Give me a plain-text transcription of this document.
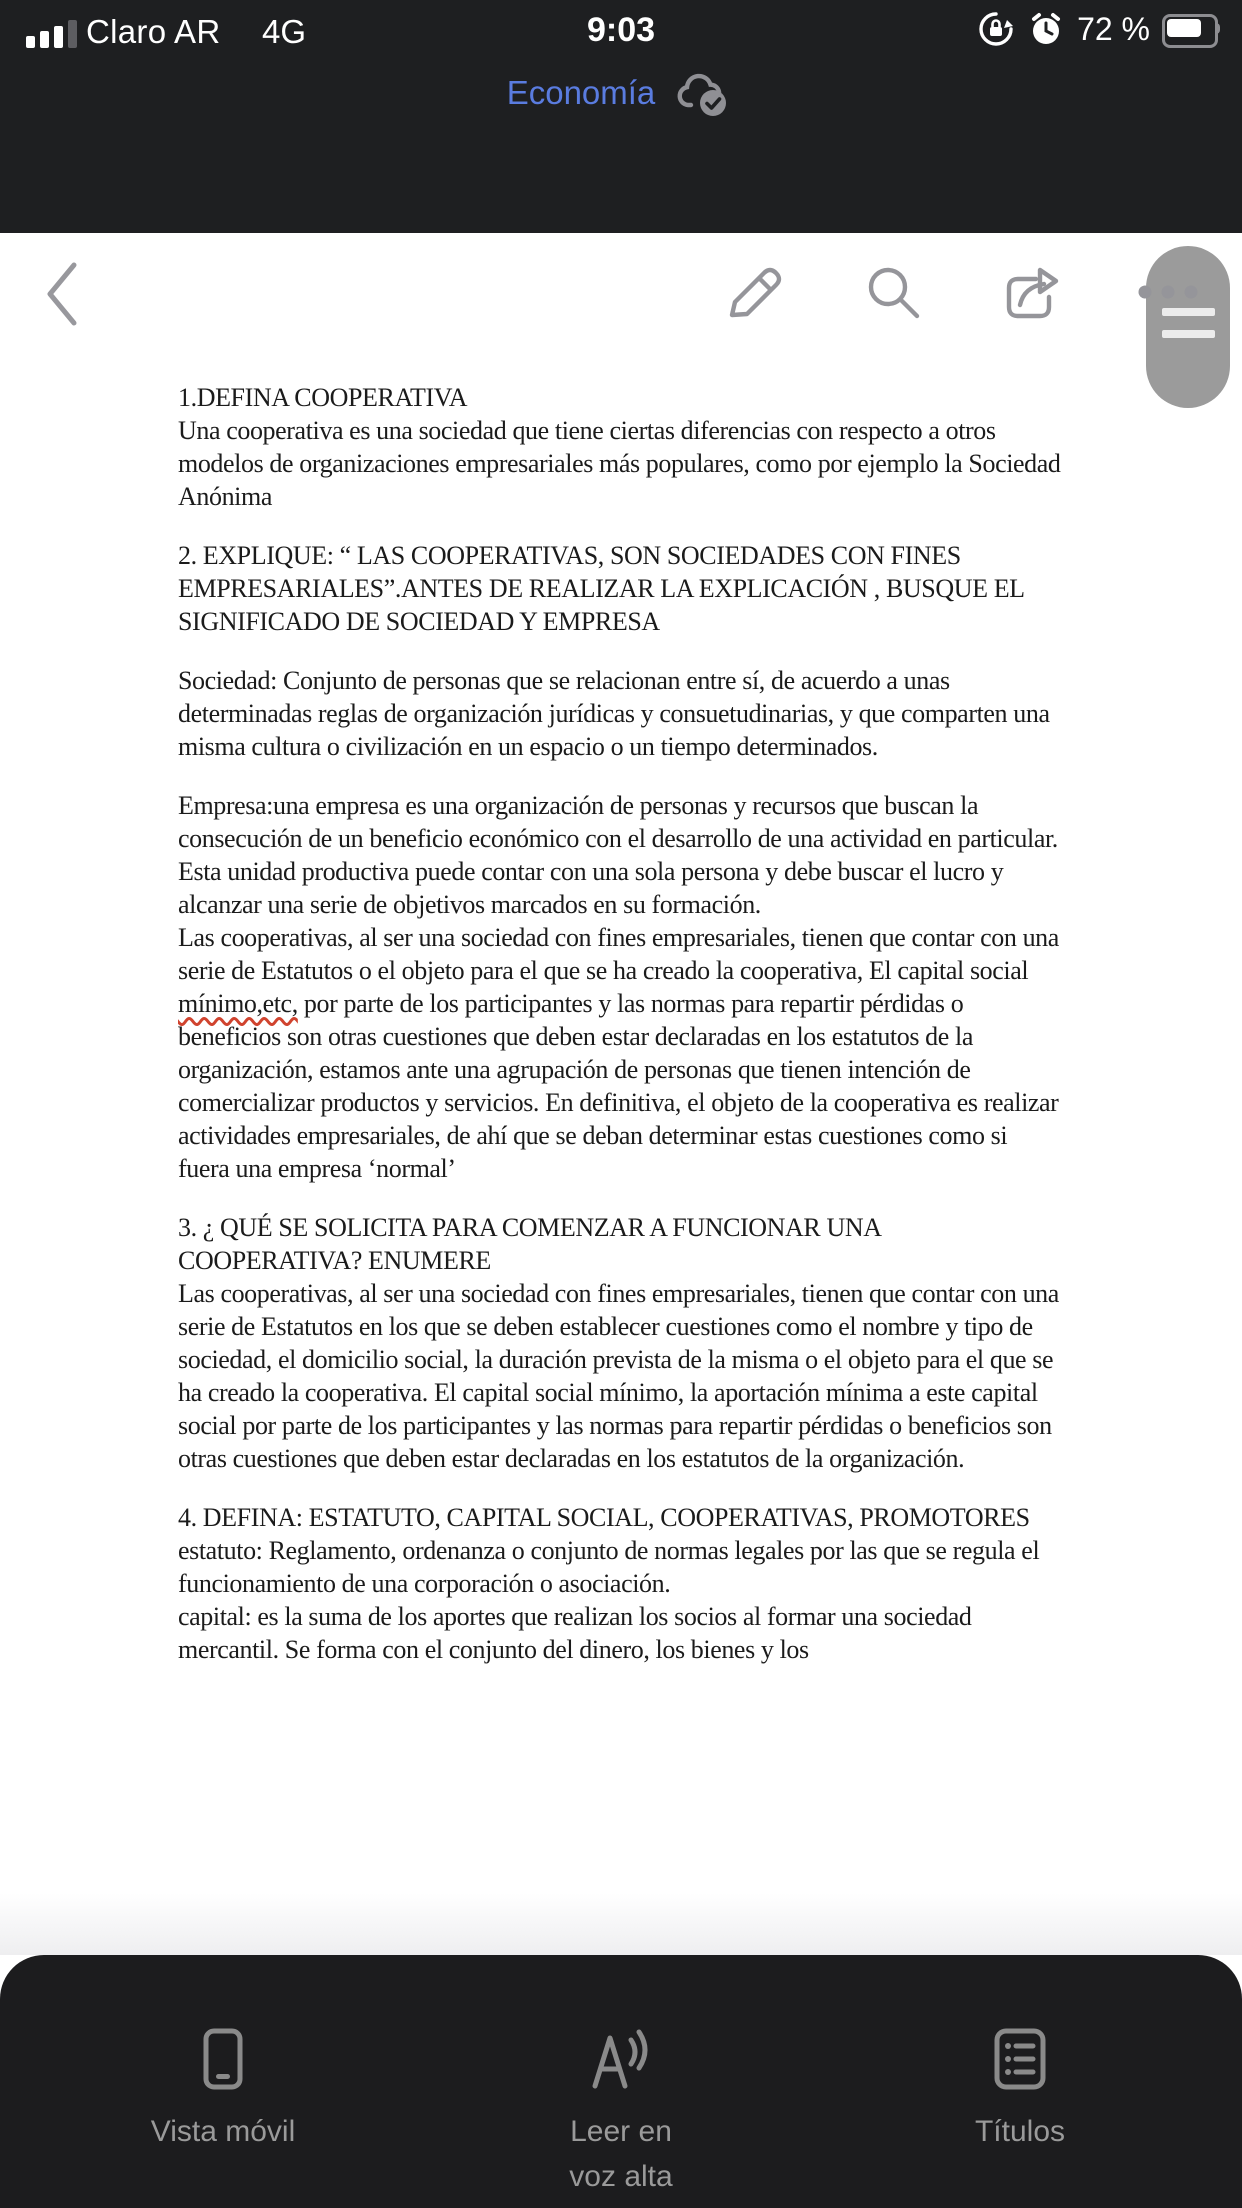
Claro AR 4G	9:03	72 %
Economía

1.DEFINA COOPERATIVA

Una cooperativa es una sociedad que tiene ciertas diferencias con respecto a otros modelos de organizaciones empresariales más populares, como por ejemplo la Sociedad Anónima

2. EXPLIQUE: “ LAS COOPERATIVAS, SON SOCIEDADES CON FINES EMPRESARIALES”.ANTES DE REALIZAR LA EXPLICACIÓN , BUSQUE EL SIGNIFICADO DE SOCIEDAD Y EMPRESA

Sociedad: Conjunto de personas que se relacionan entre sí, de acuerdo a unas determinadas reglas de organización jurídicas y consuetudinarias, y que comparten una misma cultura o civilización en un espacio o un tiempo determinados.

Empresa:una empresa es una organización de personas y recursos que buscan la consecución de un beneficio económico con el desarrollo de una actividad en particular. Esta unidad productiva puede contar con una sola persona y debe buscar el lucro y alcanzar una serie de objetivos marcados en su formación.

Las cooperativas, al ser una sociedad con fines empresariales, tienen que contar con una serie de Estatutos o el objeto para el que se ha creado la cooperativa, El capital social mínimo,etc, por parte de los participantes y las normas para repartir pérdidas o beneficios son otras cuestiones que deben estar declaradas en los estatutos de la organización, estamos ante una agrupación de personas que tienen intención de comercializar productos y servicios. En definitiva, el objeto de la cooperativa es realizar actividades empresariales, de ahí que se deban determinar estas cuestiones como si fuera una empresa ‘normal’

3. ¿ QUÉ SE SOLICITA PARA COMENZAR A FUNCIONAR UNA COOPERATIVA? ENUMERE

Las cooperativas, al ser una sociedad con fines empresariales, tienen que contar con una serie de Estatutos en los que se deben establecer cuestiones como el nombre y tipo de sociedad, el domicilio social, la duración prevista de la misma o el objeto para el que se ha creado la cooperativa. El capital social mínimo, la aportación mínima a este capital social por parte de los participantes y las normas para repartir pérdidas o beneficios son otras cuestiones que deben estar declaradas en los estatutos de la organización.

4. DEFINA: ESTATUTO, CAPITAL SOCIAL, COOPERATIVAS, PROMOTORES

estatuto: Reglamento, ordenanza o conjunto de normas legales por las que se regula el funcionamiento de una corporación o asociación.

capital: es la suma de los aportes que realizan los socios al formar una sociedad mercantil. Se forma con el conjunto del dinero, los bienes y los

Vista móvil	Leer en voz alta
Títulos
